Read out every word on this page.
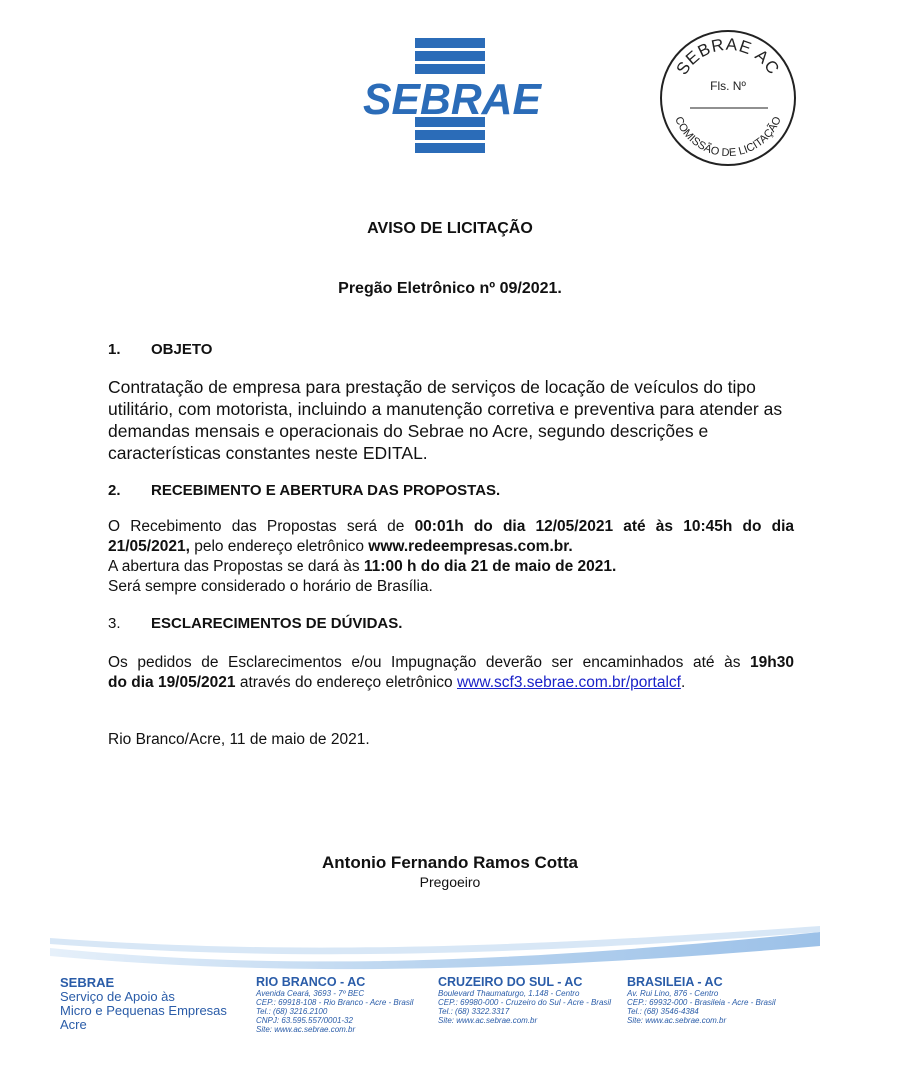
SEBRAE
SEBRAE AC
Fls. Nº
COMISSÃO DE LICITAÇÃO
AVISO DE LICITAÇÃO
Pregão Eletrônico nº 09/2021.
1. OBJETO
Contratação de empresa para prestação de serviços de locação de veículos do tipo utilitário, com motorista, incluindo a manutenção corretiva e preventiva para atender as demandas mensais e operacionais do Sebrae no Acre, segundo descrições e características constantes neste EDITAL.
2. RECEBIMENTO E ABERTURA DAS PROPOSTAS.
O Recebimento das Propostas será de 00:01h do dia 12/05/2021 até às 10:45h do dia
21/05/2021, pelo endereço eletrônico www.redeempresas.com.br.
A abertura das Propostas se dará às 11:00 h do dia 21 de maio de 2021.
Será sempre considerado o horário de Brasília.
3. ESCLARECIMENTOS DE DÚVIDAS.
Os pedidos de Esclarecimentos e/ou Impugnação deverão ser encaminhados até às 19h30
do dia 19/05/2021 através do endereço eletrônico www.scf3.sebrae.com.br/portalcf.
Rio Branco/Acre, 11 de maio de 2021.
Antonio Fernando Ramos Cotta
Pregoeiro
SEBRAE
Serviço de Apoio às
Micro e Pequenas Empresas
Acre
RIO BRANCO - AC
Avenida Ceará, 3693 - 7º BEC
CEP.: 69918-108 - Rio Branco - Acre - Brasil
Tel.: (68) 3216.2100
CNPJ: 63.595.557/0001-32
Site: www.ac.sebrae.com.br
CRUZEIRO DO SUL - AC
Boulevard Thaumaturgo, 1.148 - Centro
CEP.: 69980-000 - Cruzeiro do Sul - Acre - Brasil
Tel.: (68) 3322.3317
Site: www.ac.sebrae.com.br
BRASILEIA - AC
Av. Rui Lino, 876 - Centro
CEP.: 69932-000 - Brasileia - Acre - Brasil
Tel.: (68) 3546-4384
Site: www.ac.sebrae.com.br
